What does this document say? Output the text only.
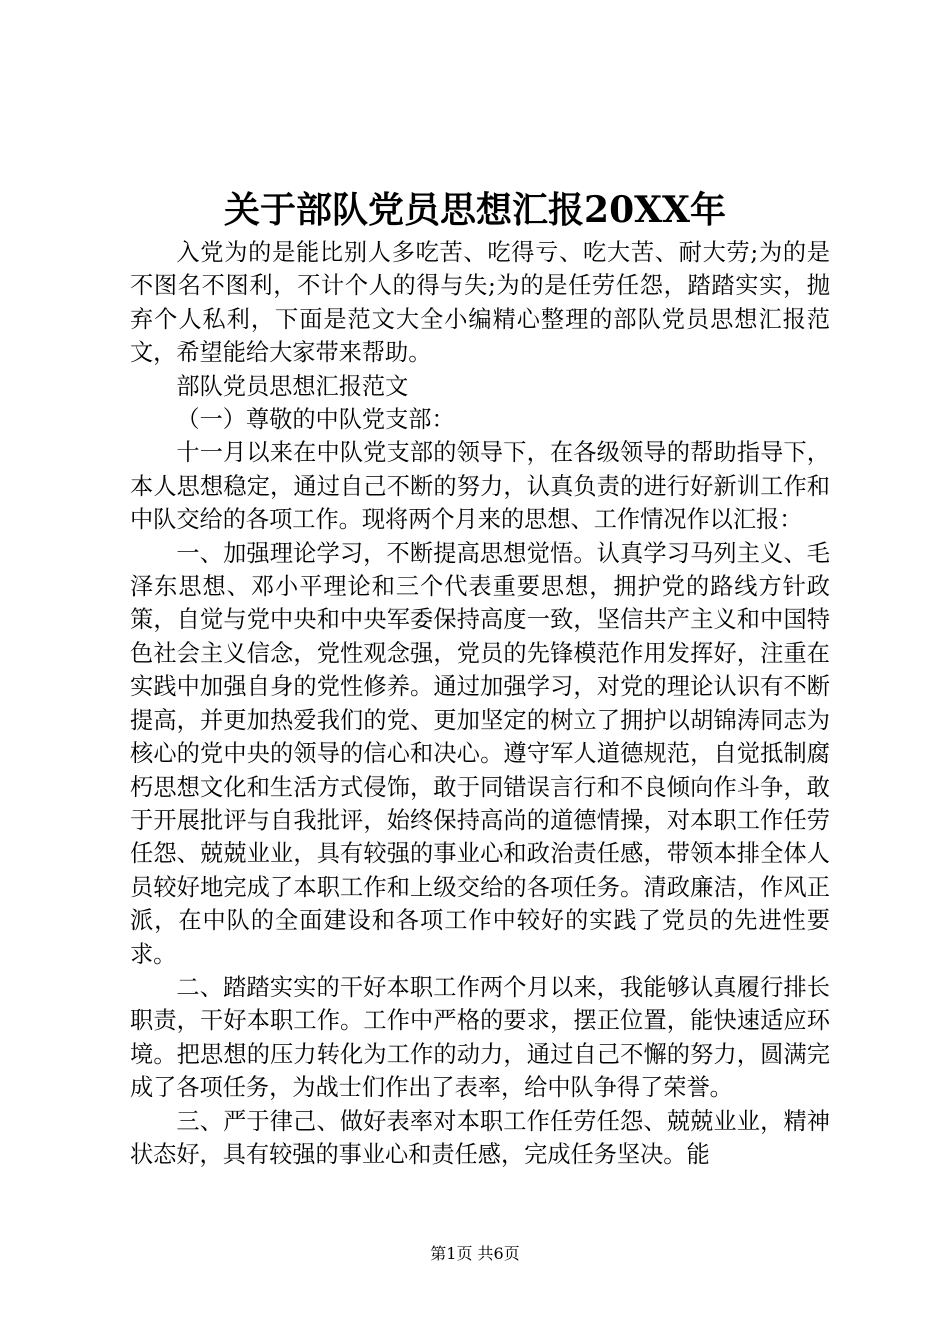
关于部队党员思想汇报20XX年

入党为的是能比别人多吃苦、吃得亏、吃大苦、耐大劳;为的是不图名不图利，不计个人的得与失;为的是任劳任怨，踏踏实实，抛弃个人私利，下面是范文大全小编精心整理的部队党员思想汇报范文，希望能给大家带来帮助。

部队党员思想汇报范文

（一）尊敬的中队党支部：

十一月以来在中队党支部的领导下，在各级领导的帮助指导下，本人思想稳定，通过自己不断的努力，认真负责的进行好新训工作和中队交给的各项工作。现将两个月来的思想、工作情况作以汇报：

一、加强理论学习，不断提高思想觉悟。认真学习马列主义、毛泽东思想、邓小平理论和三个代表重要思想，拥护党的路线方针政策，自觉与党中央和中央军委保持高度一致，坚信共产主义和中国特色社会主义信念，党性观念强，党员的先锋模范作用发挥好，注重在实践中加强自身的党性修养。通过加强学习，对党的理论认识有不断提高，并更加热爱我们的党、更加坚定的树立了拥护以胡锦涛同志为核心的党中央的领导的信心和决心。遵守军人道德规范，自觉抵制腐朽思想文化和生活方式侵饰，敢于同错误言行和不良倾向作斗争，敢于开展批评与自我批评，始终保持高尚的道德情操，对本职工作任劳任怨、兢兢业业，具有较强的事业心和政治责任感，带领本排全体人员较好地完成了本职工作和上级交给的各项任务。清政廉洁，作风正派，在中队的全面建设和各项工作中较好的实践了党员的先进性要求。

二、踏踏实实的干好本职工作两个月以来，我能够认真履行排长职责，干好本职工作。工作中严格的要求，摆正位置，能快速适应环境。把思想的压力转化为工作的动力，通过自己不懈的努力，圆满完成了各项任务，为战士们作出了表率，给中队争得了荣誉。

三、严于律己、做好表率对本职工作任劳任怨、兢兢业业，精神状态好，具有较强的事业心和责任感，完成任务坚决。能

第1页 共6页
